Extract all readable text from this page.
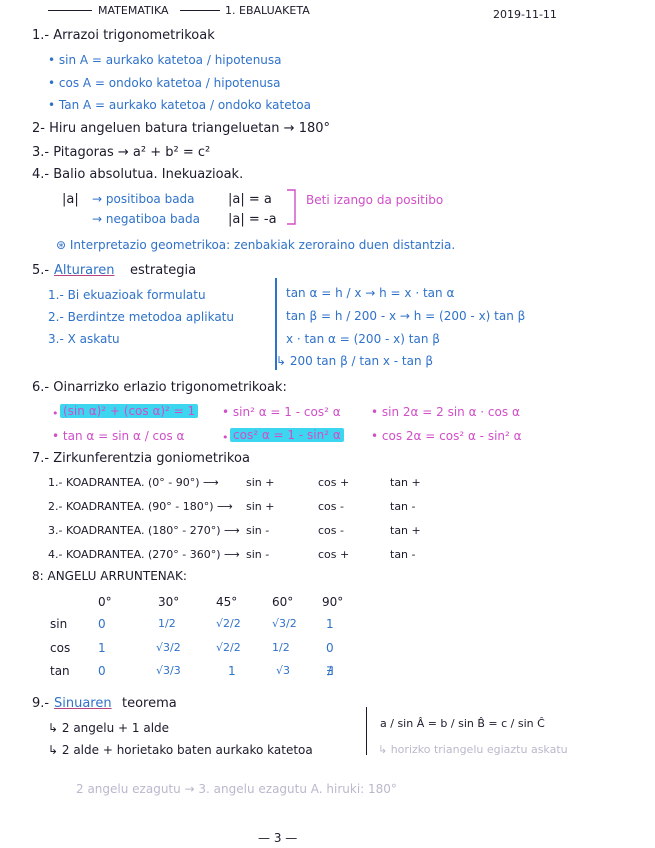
MATEMATIKA	1. EBALUAKETA	2019-11-11
1.- Arrazoi trigonometrikoak
• sin A = aurkako katetoa / hipotenusa
• cos A = ondoko katetoa / hipotenusa
• Tan A = aurkako katetoa / ondoko katetoa
2- Hiru angeluen batura triangeluetan → 180°
3.- Pitagoras → a² + b² = c²
4.- Balio absolutua. Inekuazioak.
|a| → positiboa bada	|a| = a
→ negatiboa bada |a| = -a
Beti izango da positibo
⊛ Interpretazio geometrikoa: zenbakiak zeroraino duen distantzia.
5.- Alturaren estrategia
1.- Bi ekuazioak formulatu
2.- Berdintze metodoa aplikatu
3.- X askatu
tan α = h / x → h = x · tan α
tan β = h / 200 - x → h = (200 - x) tan β
x · tan α = (200 - x) tan β
↳ 200 tan β / tan x - tan β
6.- Oinarrizko erlazio trigonometrikoak:
• (sin α)² + (cos α)² = 1 • sin² α = 1 - cos² α	• sin 2α = 2 sin α · cos α
• tan α = sin α / cos α	• cos² α = 1 - sin² α	• cos 2α = cos² α - sin² α
7.- Zirkunferentzia goniometrikoa
1.- KOADRANTEA. (0° - 90°) ⟶ sin +	cos +	tan +
2.- KOADRANTEA. (90° - 180°) ⟶ sin +	cos -	tan -
3.- KOADRANTEA. (180° - 270°) ⟶ sin -	cos -	tan +
4.- KOADRANTEA. (270° - 360°) ⟶ sin -	cos +	tan -
8: ANGELU ARRUNTENAK:
0°	30°	45°	60° 90°
sin	0	1/2	√2/2	√3/2 1
cos 1	√3/2	√2/2	1/2	0
tan 0	√3/3	1	√3	∄
9.- Sinuaren teorema
↳ 2 angelu + 1 alde
↳ 2 alde + horietako baten aurkako katetoa
a / sin Â = b / sin B̂ = c / sin Ĉ
↳ horizko triangelu egiaztu askatu
2 angelu ezagutu → 3. angelu ezagutu A. hiruki: 180°
— 3 —
